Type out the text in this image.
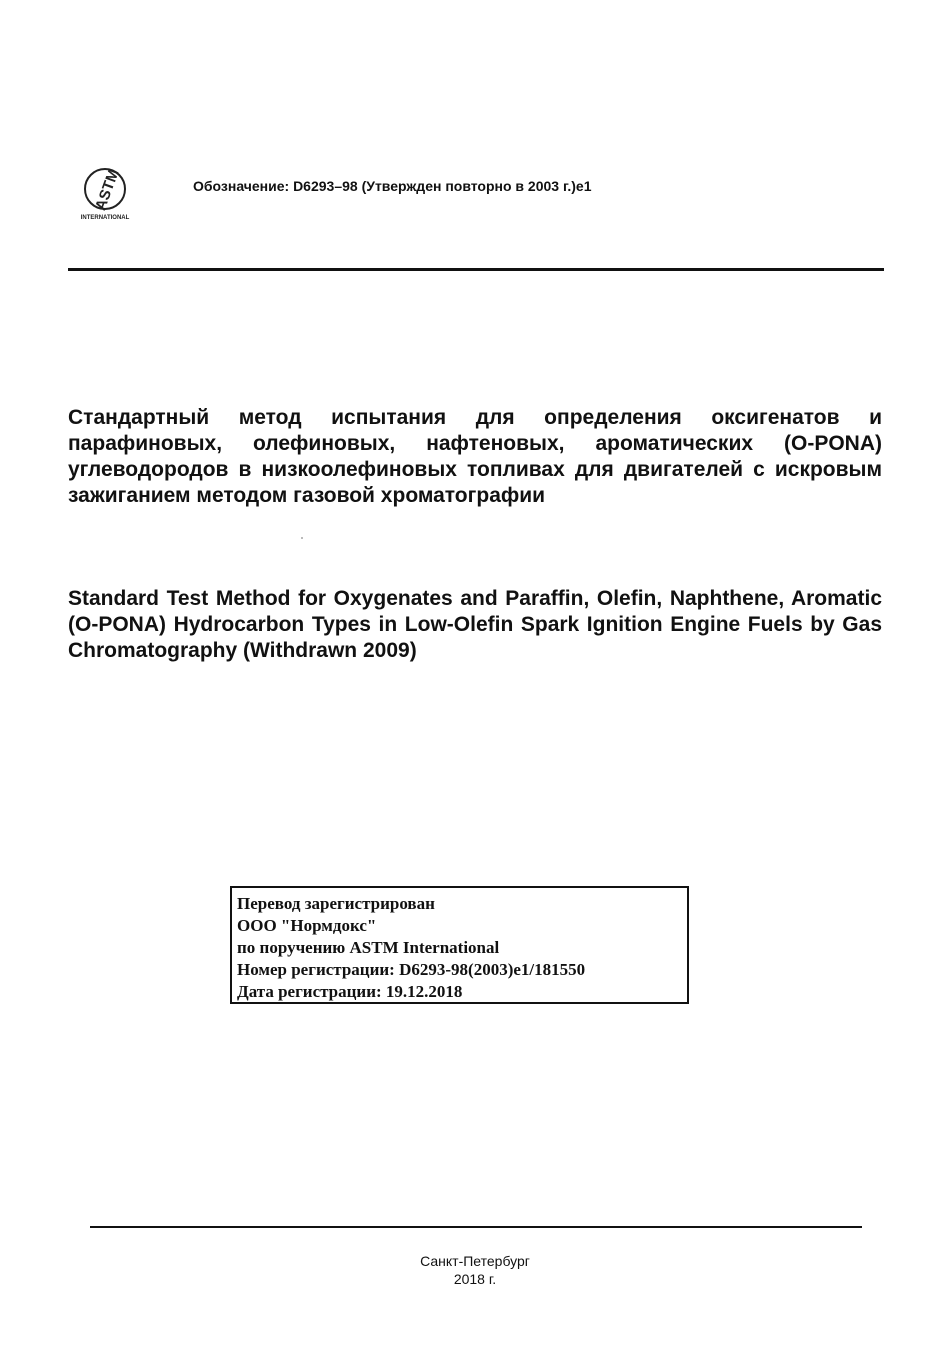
ASTM
INTERNATIONAL
Обозначение: D6293–98 (Утвержден повторно в 2003 г.)е1
Стандартный метод испытания для определения оксигенатов и парафиновых, олефиновых, нафтеновых, ароматических (O-PONA) углеводородов в низкоолефиновых топливах для двигателей с искровым зажиганием методом газовой хроматографии
Standard Test Method for Oxygenates and Paraffin, Olefin, Naphthene, Aromatic (O-PONA) Hydrocarbon Types in Low-Olefin Spark Ignition Engine Fuels by Gas Chromatography (Withdrawn 2009)
Перевод зарегистрирован
ООО "Нормдокс"
по поручению ASTM International
Номер регистрации: D6293-98(2003)e1/181550
Дата регистрации: 19.12.2018
Санкт-Петербург
2018 г.
